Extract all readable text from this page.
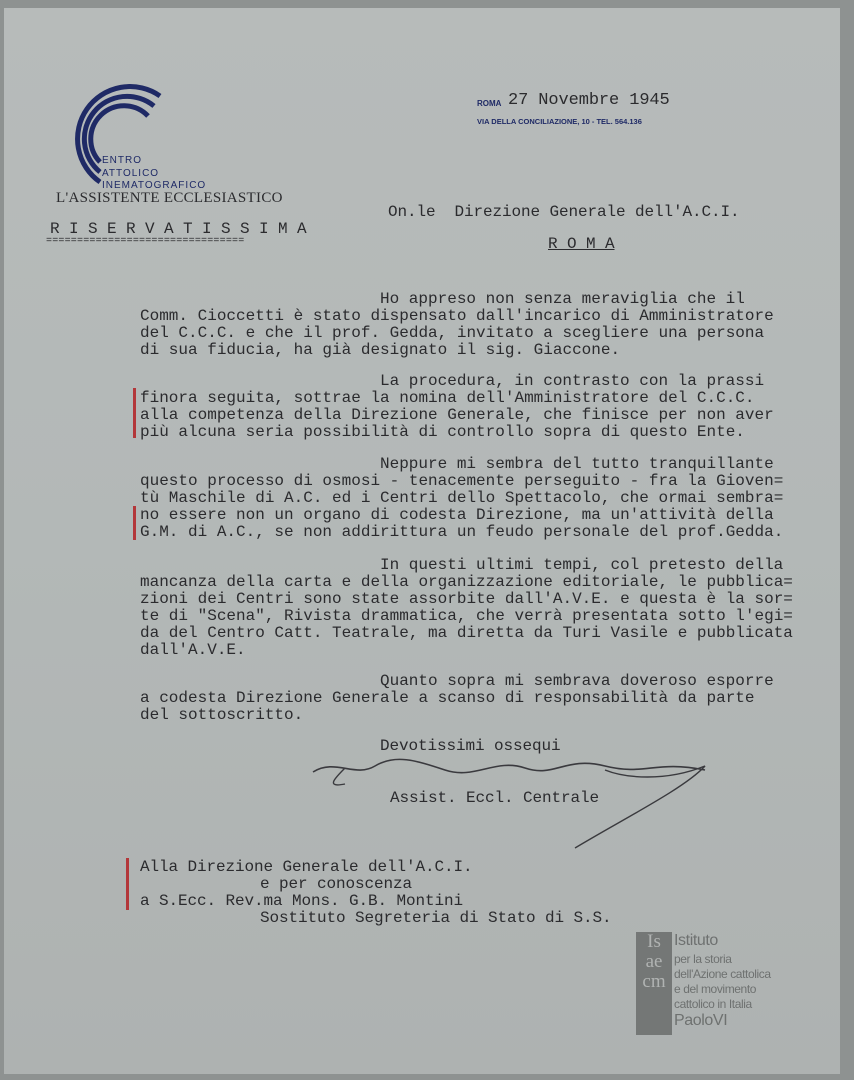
ENTRO
ATTOLICO
INEMATOGRAFICO
L'ASSISTENTE ECCLESIASTICO
ROMA 27 Novembre 1945
VIA DELLA CONCILIAZIONE, 10 - TEL. 564.136
R I S E R V A T I S S I M A
================================
On.le  Direzione Generale dell'A.C.I.
R O M A
Ho appreso non senza meraviglia che il
Comm. Cioccetti è stato dispensato dall'incarico di Amministratore
del C.C.C. e che il prof. Gedda, invitato a scegliere una persona
di sua fiducia, ha già designato il sig. Giaccone.
La procedura, in contrasto con la prassi
finora seguita, sottrae la nomina dell'Amministratore del C.C.C.
alla competenza della Direzione Generale, che finisce per non aver
più alcuna seria possibilità di controllo sopra di questo Ente.
Neppure mi sembra del tutto tranquillante
questo processo di osmosi - tenacemente perseguito - fra la Gioven=
tù Maschile di A.C. ed i Centri dello Spettacolo, che ormai sembra=
no essere non un organo di codesta Direzione, ma un'attività della
G.M. di A.C., se non addirittura un feudo personale del prof.Gedda.
In questi ultimi tempi, col pretesto della
mancanza della carta e della organizzazione editoriale, le pubblica=
zioni dei Centri sono state assorbite dall'A.V.E. e questa è la sor=
te di "Scena", Rivista drammatica, che verrà presentata sotto l'egi=
da del Centro Catt. Teatrale, ma diretta da Turi Vasile e pubblicata
dall'A.V.E.
Quanto sopra mi sembrava doveroso esporre
a codesta Direzione Generale a scanso di responsabilità da parte
del sottoscritto.
Devotissimi ossequi
Assist. Eccl. Centrale
Alla Direzione Generale dell'A.C.I.
e per conoscenza
a S.Ecc. Rev.ma Mons. G.B. Montini
Sostituto Segreteria di Stato di S.S.
Is
ae
cm
Istituto
per la storia
dell'Azione cattolica
e del movimento
cattolico in Italia
PaoloVI
